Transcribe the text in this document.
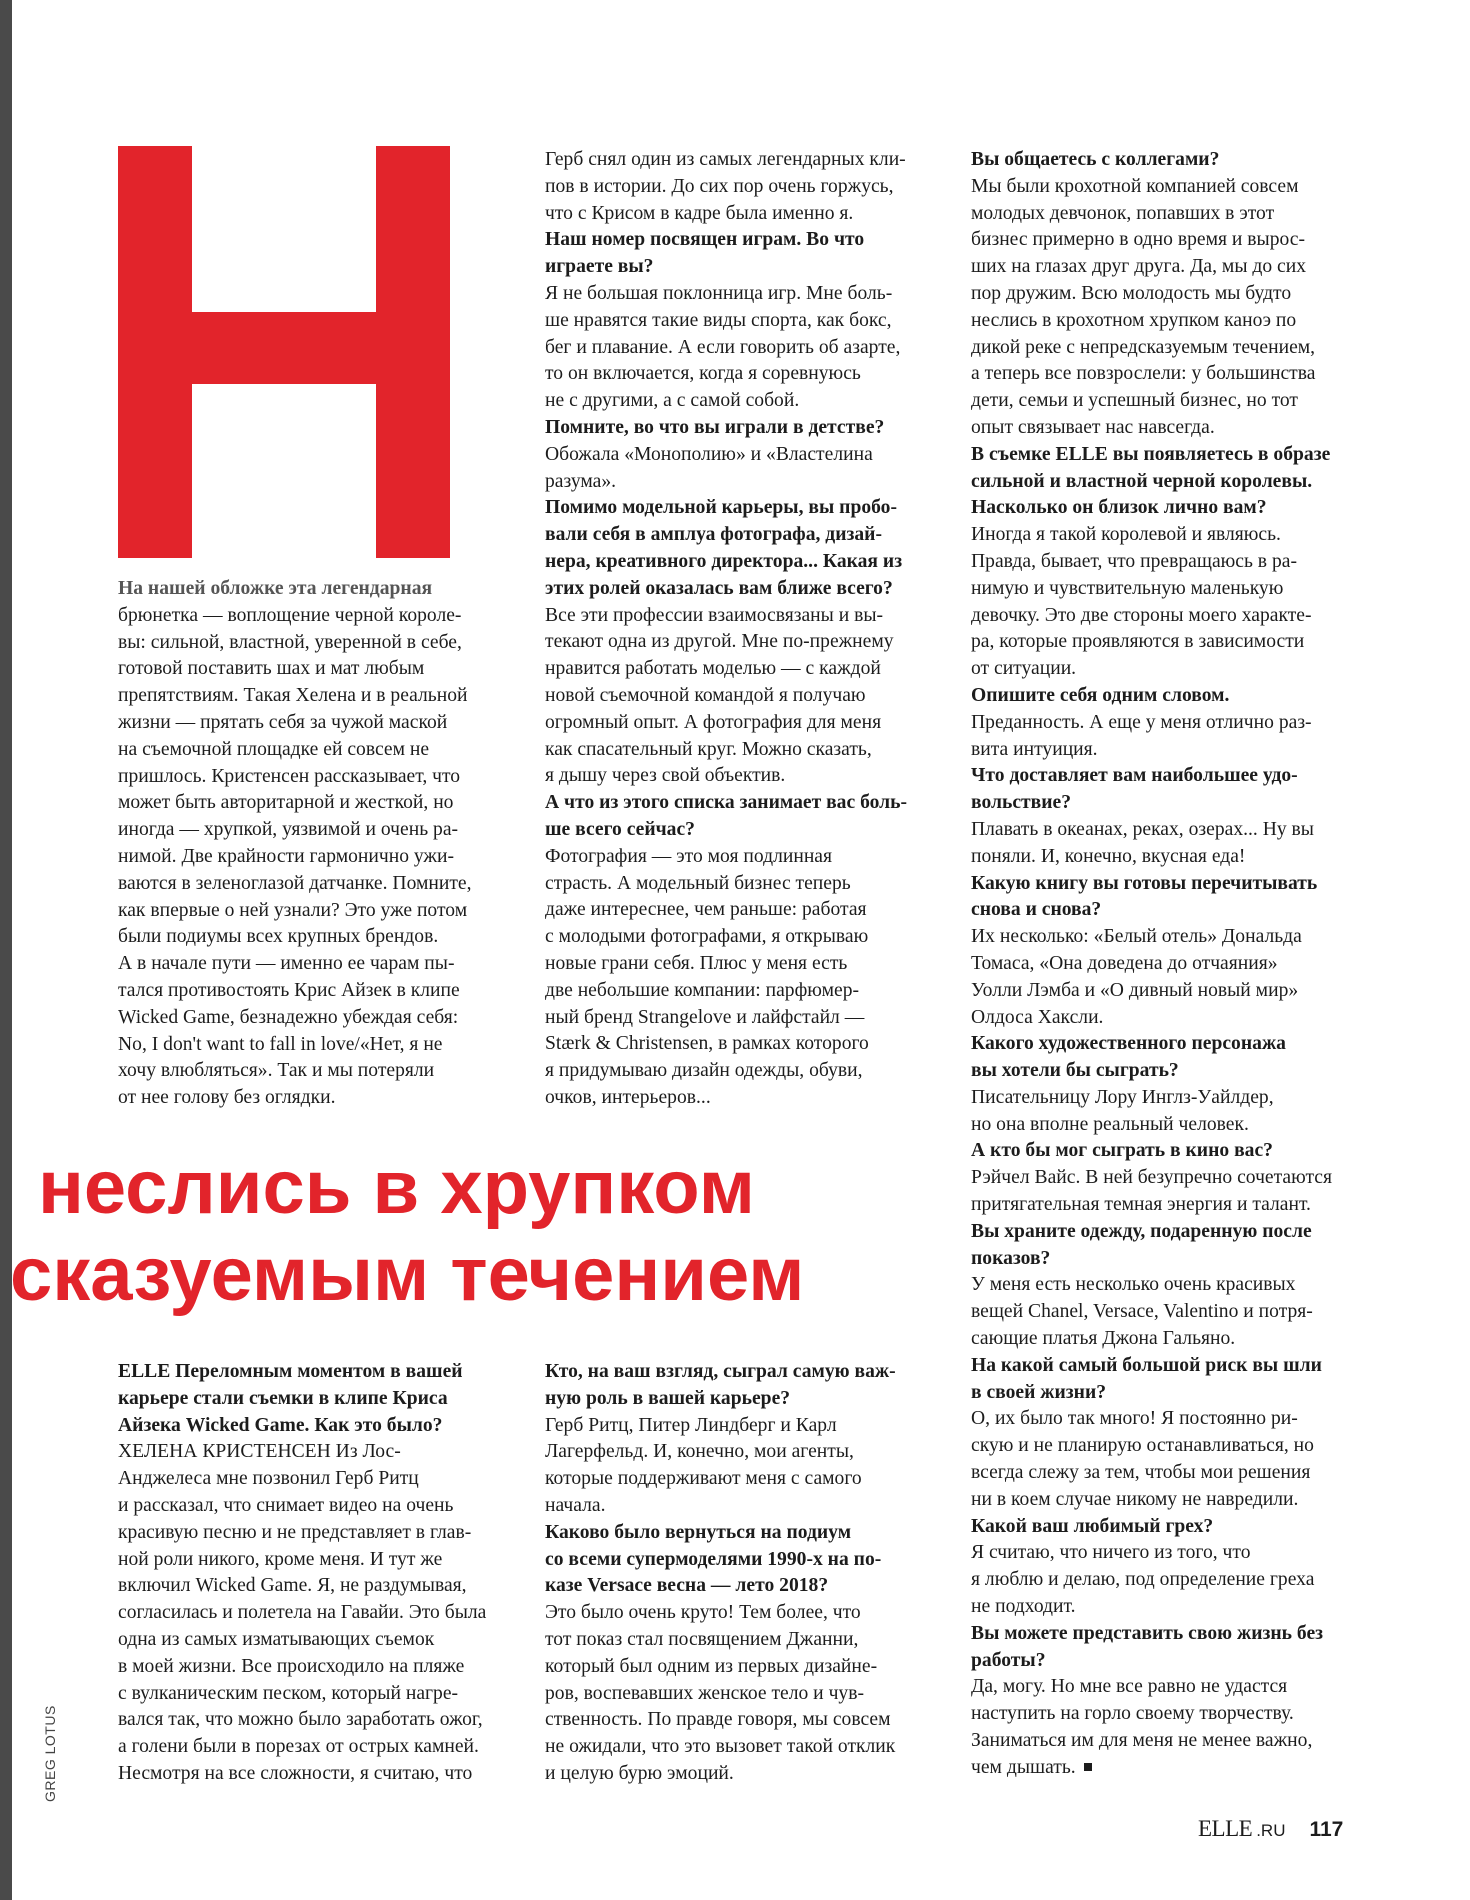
На нашей обложке эта легендарная
брюнетка — воплощение черной короле-
вы: сильной, властной, уверенной в себе,
готовой поставить шах и мат любым
препятствиям. Такая Хелена и в реальной
жизни — прятать себя за чужой маской
на съемочной площадке ей совсем не
пришлось. Кристенсен рассказывает, что
может быть авторитарной и жесткой, но
иногда — хрупкой, уязвимой и очень ра-
нимой. Две крайности гармонично ужи-
ваются в зеленоглазой датчанке. Помните,
как впервые о ней узнали? Это уже потом
были подиумы всех крупных брендов.
А в начале пути — именно ее чарам пы-
тался противостоять Крис Айзек в клипе
Wicked Game, безнадежно убеждая себя:
No, I don't want to fall in love/«Нет, я не
хочу влюбляться». Так и мы потеряли
от нее голову без оглядки.
Герб снял один из самых легендарных кли-
пов в истории. До сих пор очень горжусь,
что с Крисом в кадре была именно я.
Наш номер посвящен играм. Во что
играете вы?
Я не большая поклонница игр. Мне боль-
ше нравятся такие виды спорта, как бокс,
бег и плавание. А если говорить об азарте,
то он включается, когда я соревнуюсь
не с другими, а с самой собой.
Помните, во что вы играли в детстве?
Обожала «Монополию» и «Властелина
разума».
Помимо модельной карьеры, вы пробо-
вали себя в амплуа фотографа, дизай-
нера, креативного директора... Какая из
этих ролей оказалась вам ближе всего?
Все эти профессии взаимосвязаны и вы-
текают одна из другой. Мне по-прежнему
нравится работать моделью — с каждой
новой съемочной командой я получаю
огромный опыт. А фотография для меня
как спасательный круг. Можно сказать,
я дышу через свой объектив.
А что из этого списка занимает вас боль-
ше всего сейчас?
Фотография — это моя подлинная
страсть. А модельный бизнес теперь
даже интереснее, чем раньше: работая
с молодыми фотографами, я открываю
новые грани себя. Плюс у меня есть
две небольшие компании: парфюмер-
ный бренд Strangelove и лайфстайл —
Stærk & Christensen, в рамках которого
я придумываю дизайн одежды, обуви,
очков, интерьеров...
Вы общаетесь с коллегами?
Мы были крохотной компанией совсем
молодых девчонок, попавших в этот
бизнес примерно в одно время и вырос-
ших на глазах друг друга. Да, мы до сих
пор дружим. Всю молодость мы будто
неслись в крохотном хрупком каноэ по
дикой реке с непредсказуемым течением,
а теперь все повзрослели: у большинства
дети, семьи и успешный бизнес, но тот
опыт связывает нас навсегда.
В съемке ELLE вы появляетесь в образе
сильной и властной черной королевы.
Насколько он близок лично вам?
Иногда я такой королевой и являюсь.
Правда, бывает, что превращаюсь в ра-
нимую и чувствительную маленькую
девочку. Это две стороны моего характе-
ра, которые проявляются в зависимости
от ситуации.
Опишите себя одним словом.
Преданность. А еще у меня отлично раз-
вита интуиция.
Что доставляет вам наибольшее удо-
вольствие?
Плавать в океанах, реках, озерах... Ну вы
поняли. И, конечно, вкусная еда!
Какую книгу вы готовы перечитывать
снова и снова?
Их несколько: «Белый отель» Дональда
Томаса, «Она доведена до отчаяния»
Уолли Лэмба и «О дивный новый мир»
Олдоса Хаксли.
Какого художественного персонажа
вы хотели бы сыграть?
Писательницу Лору Инглз-Уайлдер,
но она вполне реальный человек.
А кто бы мог сыграть в кино вас?
Рэйчел Вайс. В ней безупречно сочетаются
притягательная темная энергия и талант.
Вы храните одежду, подаренную после
показов?
У меня есть несколько очень красивых
вещей Chanel, Versace, Valentino и потря-
сающие платья Джона Гальяно.
На какой самый большой риск вы шли
в своей жизни?
О, их было так много! Я постоянно ри-
скую и не планирую останавливаться, но
всегда слежу за тем, чтобы мои решения
ни в коем случае никому не навредили.
Какой ваш любимый грех?
Я считаю, что ничего из того, что
я люблю и делаю, под определение греха
не подходит.
Вы можете представить свою жизнь без
работы?
Да, могу. Но мне все равно не удастся
наступить на горло своему творчеству.
Заниматься им для меня не менее важно,
чем дышать.
ELLE Переломным моментом в вашей
карьере стали съемки в клипе Криса
Айзека Wicked Game. Как это было?
ХЕЛЕНА КРИСТЕНСЕН Из Лос-
Анджелеса мне позвонил Герб Ритц
и рассказал, что снимает видео на очень
красивую песню и не представляет в глав-
ной роли никого, кроме меня. И тут же
включил Wicked Game. Я, не раздумывая,
согласилась и полетела на Гавайи. Это была
одна из самых изматывающих съемок
в моей жизни. Все происходило на пляже
с вулканическим песком, который нагре-
вался так, что можно было заработать ожог,
а голени были в порезах от острых камней.
Несмотря на все сложности, я считаю, что
Кто, на ваш взгляд, сыграл самую важ-
ную роль в вашей карьере?
Герб Ритц, Питер Линдберг и Карл
Лагерфельд. И, конечно, мои агенты,
которые поддерживают меня с самого
начала.
Каково было вернуться на подиум
со всеми супермоделями 1990-х на по-
казе Versace весна — лето 2018?
Это было очень круто! Тем более, что
тот показ стал посвящением Джанни,
который был одним из первых дизайне-
ров, воспевавших женское тело и чув-
ственность. По правде говоря, мы совсем
не ожидали, что это вызовет такой отклик
и целую бурю эмоций.
неслись в хрупком
сказуемым течением
GREG LOTUS
ELLE .RU 117
